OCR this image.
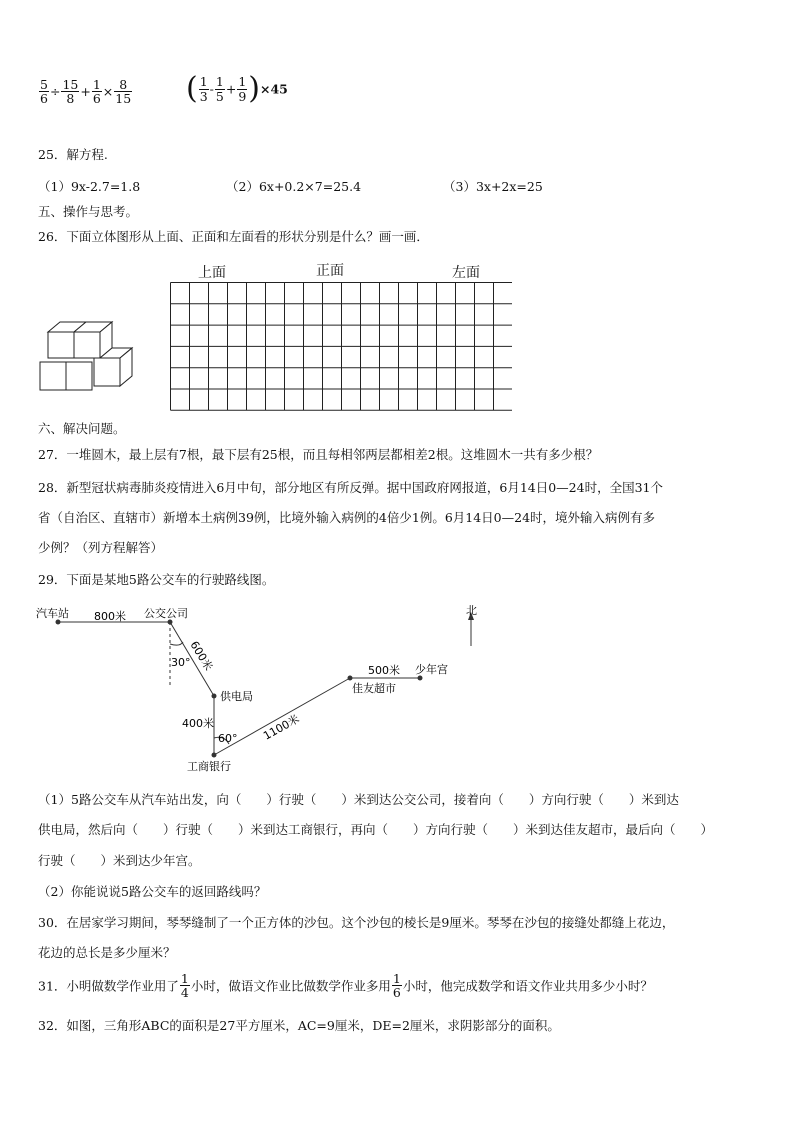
$\frac{5}{6} \div \frac{15}{8} + \frac{1}{6} \times \frac{8}{15}$ ( $\frac{1}{3} - \frac{1}{5} + \frac{1}{9} )\times 45$
25．解方程.
（1）9x-2.7=1.8	（2）6x+0.2×7=25.4	（3）3x+2x=25
五、操作与思考。
26．下面立体图形从上面、正面和左面看的形状分别是什么？画一画．
上面	正面	左面
六、解决问题。
27．一堆圆木，最上层有7根，最下层有25根，而且每相邻两层都相差2根。这堆圆木一共有多少根？
28．新型冠状病毒肺炎疫情进入6月中旬，部分地区有所反弹。据中国政府网报道，6月14日0—24时，全国31个
省（自治区、直辖市）新增本土病例39例，比境外输入病例的4倍少1例。6月14日0—24时，境外输入病例有多
少例？（列方程解答）
29．下面是某地5路公交车的行驶路线图。
北
汽车站 800米 公交公司
600米
30°
供电局
400米
60° 1100米
工商银行
500米
佳友超市
少年宫
（1）5路公交车从汽车站出发，向（　　）行驶（　　）米到达公交公司，接着向（　　）方向行驶（　　）米到达
供电局，然后向（　　）行驶（　　）米到达工商银行，再向（　　）方向行驶（　　）米到达佳友超市，最后向（　　）
行驶（　　）米到达少年宫。
（2）你能说说5路公交车的返回路线吗？
30．在居家学习期间，琴琴缝制了一个正方体的沙包。这个沙包的棱长是9厘米。琴琴在沙包的接缝处都缝上花边，
花边的总长是多少厘米？
31．小明做数学作业用了 $\frac{1}{4}$ 小时，做语文作业比做数学作业多用 $\frac{1}{6}$ 小时，他完成数学和语文作业共用多少小时？
32．如图，三角形ABC的面积是27平方厘米，AC=9厘米，DE=2厘米，求阴影部分的面积。
